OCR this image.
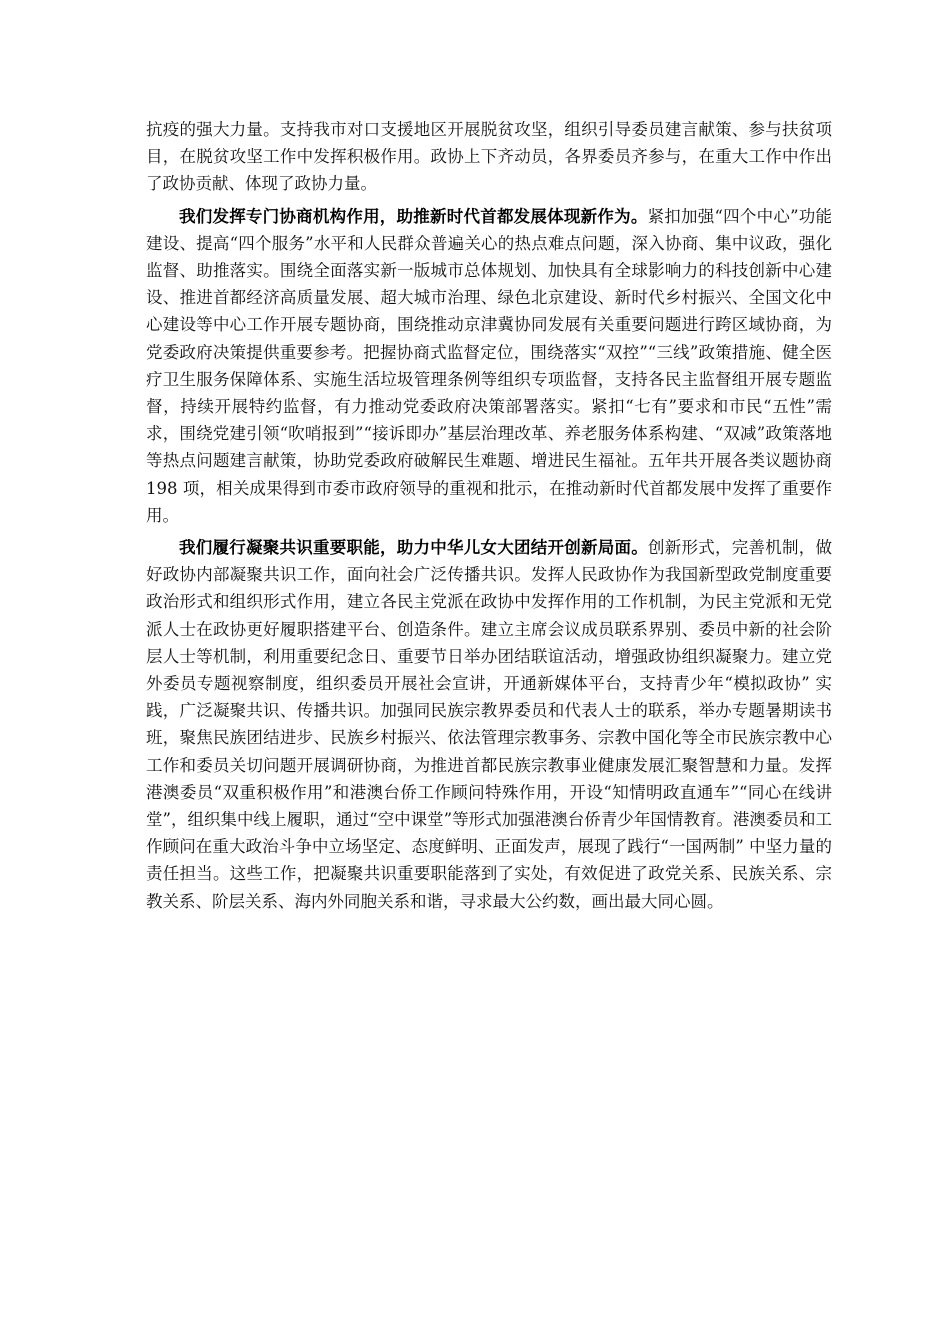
抗疫的强大力量。支持我市对口支援地区开展脱贫攻坚，组织引导委员建言献策、参与扶贫项目，在脱贫攻坚工作中发挥积极作用。政协上下齐动员，各界委员齐参与，在重大工作中作出了政协贡献、体现了政协力量。

我们发挥专门协商机构作用，助推新时代首都发展体现新作为。紧扣加强“四个中心”功能建设、提高“四个服务”水平和人民群众普遍关心的热点难点问题，深入协商、集中议政，强化监督、助推落实。围绕全面落实新一版城市总体规划、加快具有全球影响力的科技创新中心建设、推进首都经济高质量发展、超大城市治理、绿色北京建设、新时代乡村振兴、全国文化中心建设等中心工作开展专题协商，围绕推动京津冀协同发展有关重要问题进行跨区域协商，为党委政府决策提供重要参考。把握协商式监督定位，围绕落实“双控”“三线”政策措施、健全医疗卫生服务保障体系、实施生活垃圾管理条例等组织专项监督，支持各民主监督组开展专题监督，持续开展特约监督，有力推动党委政府决策部署落实。紧扣“七有”要求和市民“五性”需求，围绕党建引领“吹哨报到”“接诉即办”基层治理改革、养老服务体系构建、“双减”政策落地等热点问题建言献策，协助党委政府破解民生难题、增进民生福祉。五年共开展各类议题协商 198 项，相关成果得到市委市政府领导的重视和批示，在推动新时代首都发展中发挥了重要作用。

我们履行凝聚共识重要职能，助力中华儿女大团结开创新局面。创新形式，完善机制，做好政协内部凝聚共识工作，面向社会广泛传播共识。发挥人民政协作为我国新型政党制度重要政治形式和组织形式作用，建立各民主党派在政协中发挥作用的工作机制，为民主党派和无党派人士在政协更好履职搭建平台、创造条件。建立主席会议成员联系界别、委员中新的社会阶层人士等机制，利用重要纪念日、重要节日举办团结联谊活动，增强政协组织凝聚力。建立党外委员专题视察制度，组织委员开展社会宣讲，开通新媒体平台，支持青少年“模拟政协” 实践，广泛凝聚共识、传播共识。加强同民族宗教界委员和代表人士的联系，举办专题暑期读书班，聚焦民族团结进步、民族乡村振兴、依法管理宗教事务、宗教中国化等全市民族宗教中心工作和委员关切问题开展调研协商，为推进首都民族宗教事业健康发展汇聚智慧和力量。发挥港澳委员“双重积极作用”和港澳台侨工作顾问特殊作用，开设“知情明政直通车”“同心在线讲堂”，组织集中线上履职，通过“空中课堂”等形式加强港澳台侨青少年国情教育。港澳委员和工作顾问在重大政治斗争中立场坚定、态度鲜明、正面发声，展现了践行“一国两制” 中坚力量的责任担当。这些工作，把凝聚共识重要职能落到了实处，有效促进了政党关系、民族关系、宗教关系、阶层关系、海内外同胞关系和谐，寻求最大公约数，画出最大同心圆。
